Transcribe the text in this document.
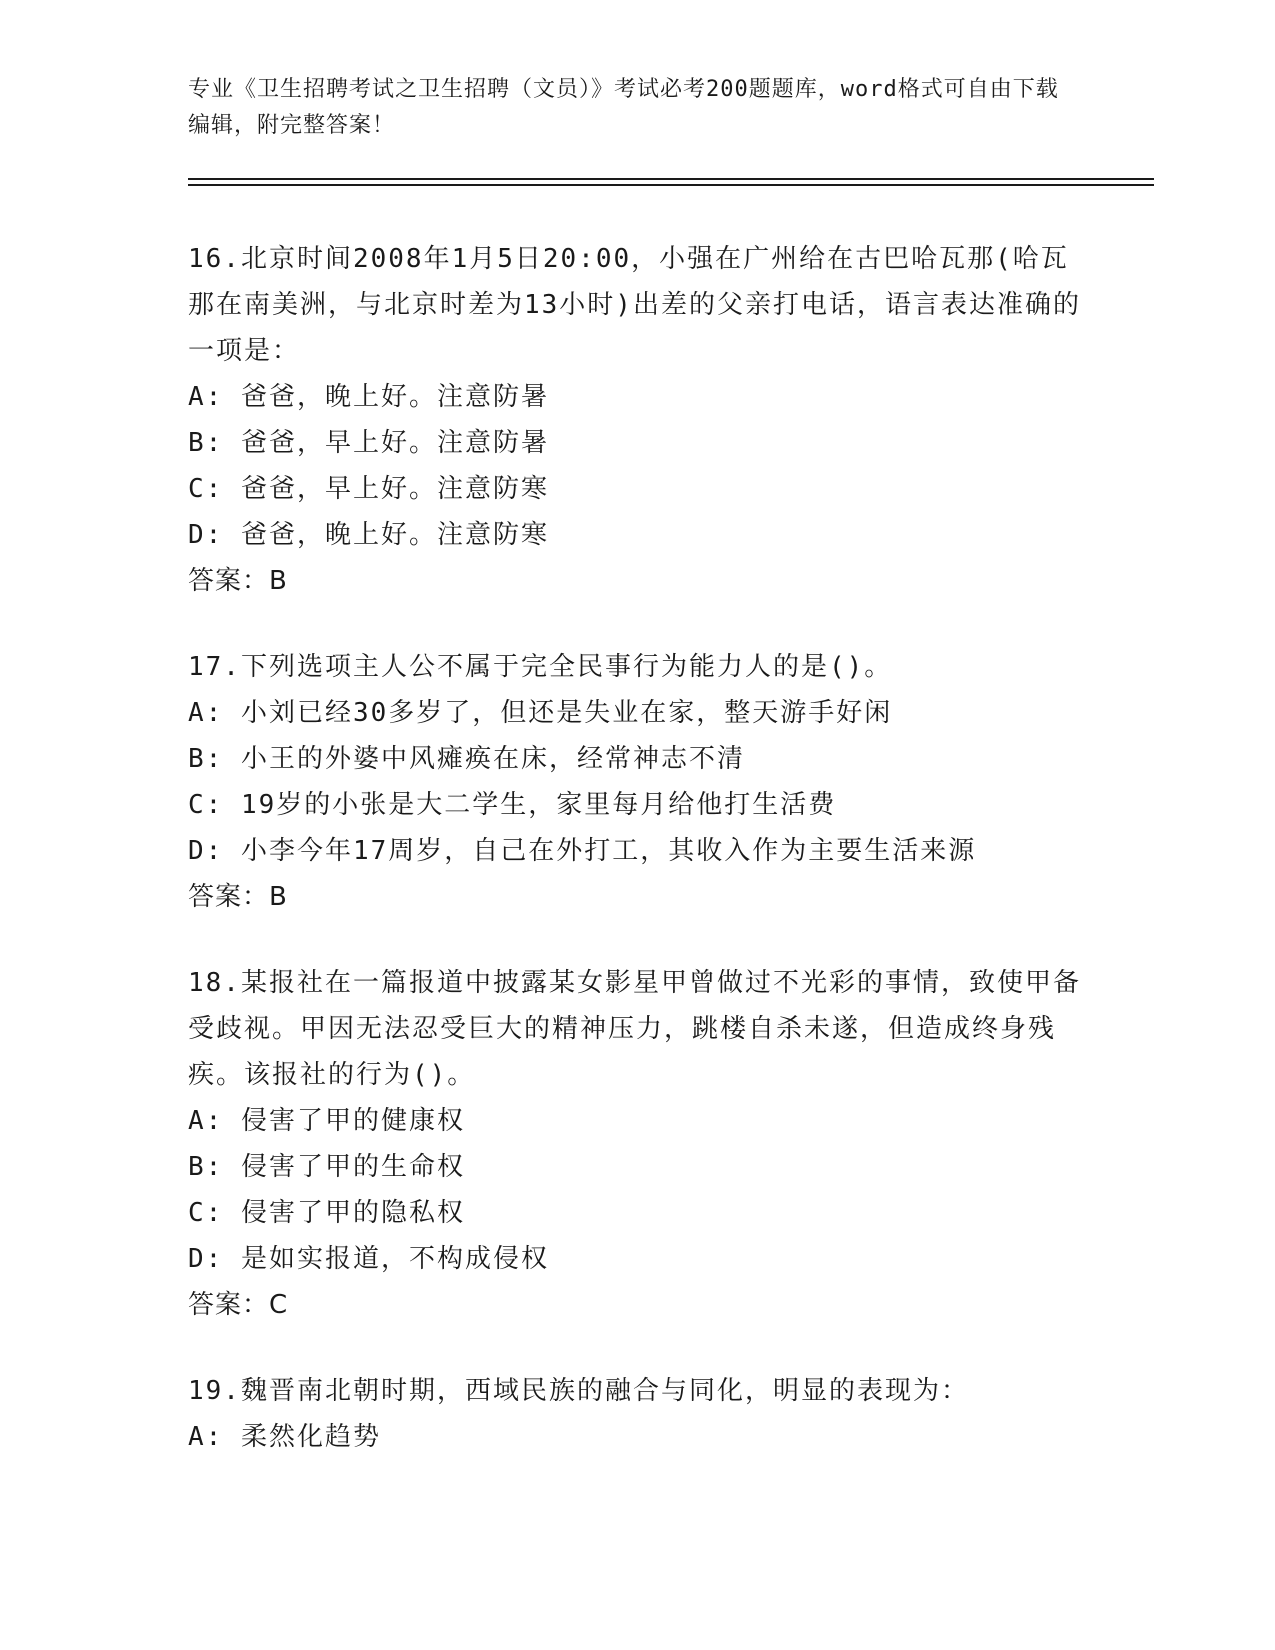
专业《卫生招聘考试之卫生招聘（文员）》考试必考200题题库，word格式可自由下载编辑，附完整答案！
16.北京时间2008年1月5日20:00，小强在广州给在古巴哈瓦那(哈瓦那在南美洲，与北京时差为13小时)出差的父亲打电话，语言表达准确的一项是：
A: 爸爸，晚上好。注意防暑
B: 爸爸，早上好。注意防暑
C: 爸爸，早上好。注意防寒
D: 爸爸，晚上好。注意防寒
答案：B
17.下列选项主人公不属于完全民事行为能力人的是()。
A: 小刘已经30多岁了，但还是失业在家，整天游手好闲
B: 小王的外婆中风瘫痪在床，经常神志不清
C: 19岁的小张是大二学生，家里每月给他打生活费
D: 小李今年17周岁，自己在外打工，其收入作为主要生活来源
答案：B
18.某报社在一篇报道中披露某女影星甲曾做过不光彩的事情，致使甲备受歧视。甲因无法忍受巨大的精神压力，跳楼自杀未遂，但造成终身残疾。该报社的行为()。
A: 侵害了甲的健康权
B: 侵害了甲的生命权
C: 侵害了甲的隐私权
D: 是如实报道，不构成侵权
答案：C
19.魏晋南北朝时期，西域民族的融合与同化，明显的表现为：
A: 柔然化趋势
